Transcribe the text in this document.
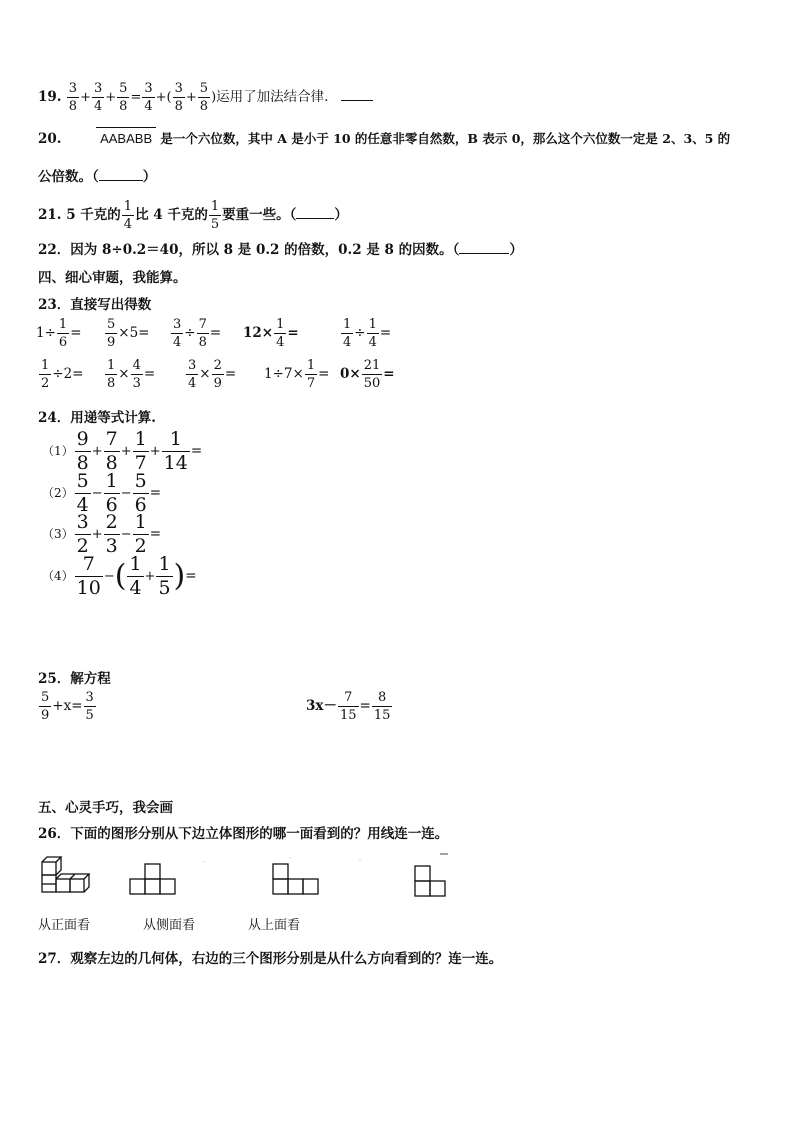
19. $\frac{3}{8} + \frac{3}{4} + \frac{5}{8} = \frac{3}{4}$ +( $\frac{3}{8} + \frac{5}{8}$ )运用了加法结合律.
20.	AABABB 是一个六位数，其中 A 是小于 10 的任意非零自然数，B 表示 0，那么这个六位数一定是 2、3、5 的
公倍数。（	）
21. 5 千克的 $\frac{1}{4}$ 比 4 千克的 $\frac{1}{5}$ 要重一些。（	）
22．因为 8÷0.2＝40，所以 8 是 0.2 的倍数，0.2 是 8 的因数。（	）
四、细心审题，我能算。
23．直接写出得数
$1\div \frac{1}{6} = \frac{5}{9} \times 5= \frac{3}{4} \div \frac{7}{8} = 12\times \frac{1}{4}$ =	$\frac{1}{4} \div \frac{1}{4}$ =
$\frac{1}{2} \div 2= \frac{1}{8} \times \frac{4}{3} = \frac{3}{4} \times \frac{2}{9} = 1\div 7\times \frac{1}{7} = 0\times \frac{21}{50}$ =
24．用递等式计算.
$(1) \frac{9}{8} + \frac{7}{8} + \frac{1}{7} + \frac{1}{14}$ =
$(2) \frac{5}{4} - \frac{1}{6} - \frac{5}{6}$ =
$(3) \frac{3}{2} + \frac{2}{3} - \frac{1}{2}$ =
$(4) \frac{7}{10}$ −( $\frac{1}{4} + \frac{1}{5}$ )=
25．解方程
$\frac{5}{9} +x= \frac{3}{5}$	$3x- \frac{7}{15} = \frac{8}{15}$
五、心灵手巧，我会画
26．下面的图形分别从下边立体图形的哪一面看到的？用线连一连。
从正面看	从侧面看	从上面看
27．观察左边的几何体，右边的三个图形分别是从什么方向看到的？连一连。
